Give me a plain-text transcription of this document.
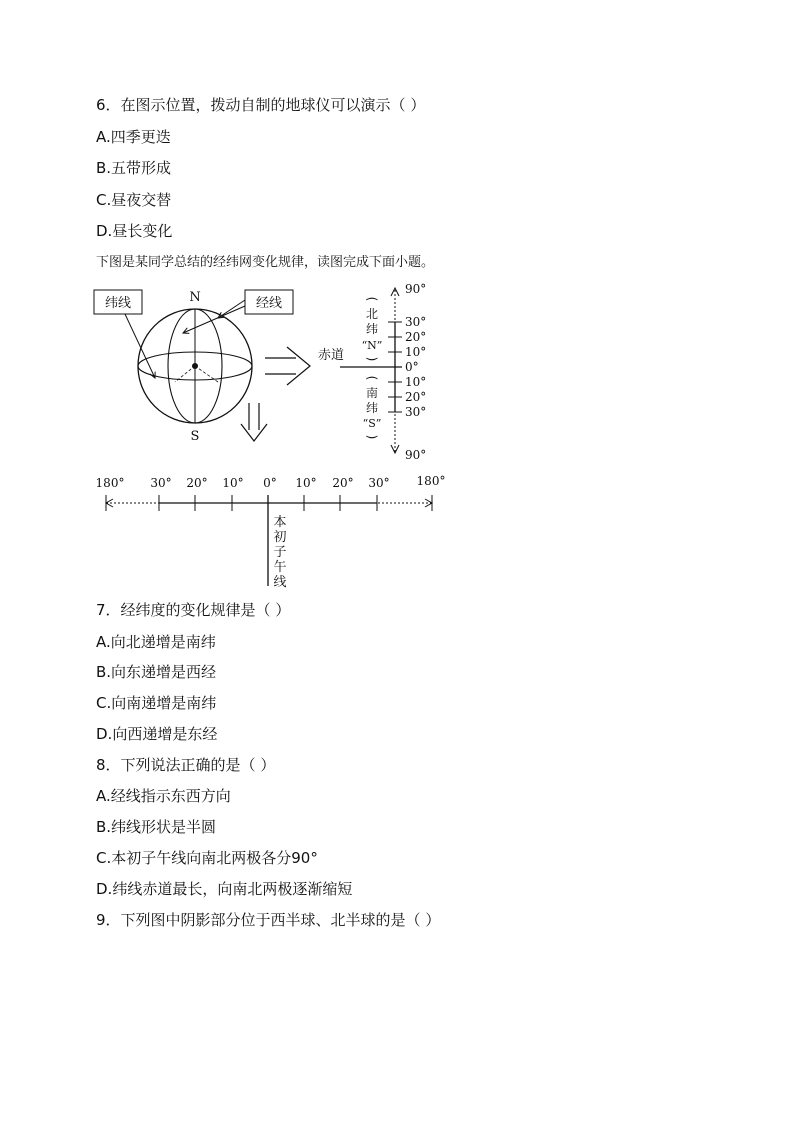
6．在图示位置，拨动自制的地球仪可以演示（ ）
A.四季更迭
B.五带形成
C.昼夜交替
D.昼长变化
下图是某同学总结的经纬网变化规律，读图完成下面小题。
N
S
纬线	经线
90°
30°
20°
10°
0°
10°
20°
30°
90°
赤道
(
北
纬
“N”
)
(
南
纬
“S”
)
180° 30° 20° 10° 0° 10° 20° 30° 180°
本
初
子
午
线
7．经纬度的变化规律是（ ）
A.向北递增是南纬
B.向东递增是西经
C.向南递增是南纬
D.向西递增是东经
8．下列说法正确的是（ ）
A.经线指示东西方向
B.纬线形状是半圆
C.本初子午线向南北两极各分90°
D.纬线赤道最长，向南北两极逐渐缩短
9．下列图中阴影部分位于西半球、北半球的是（ ）
